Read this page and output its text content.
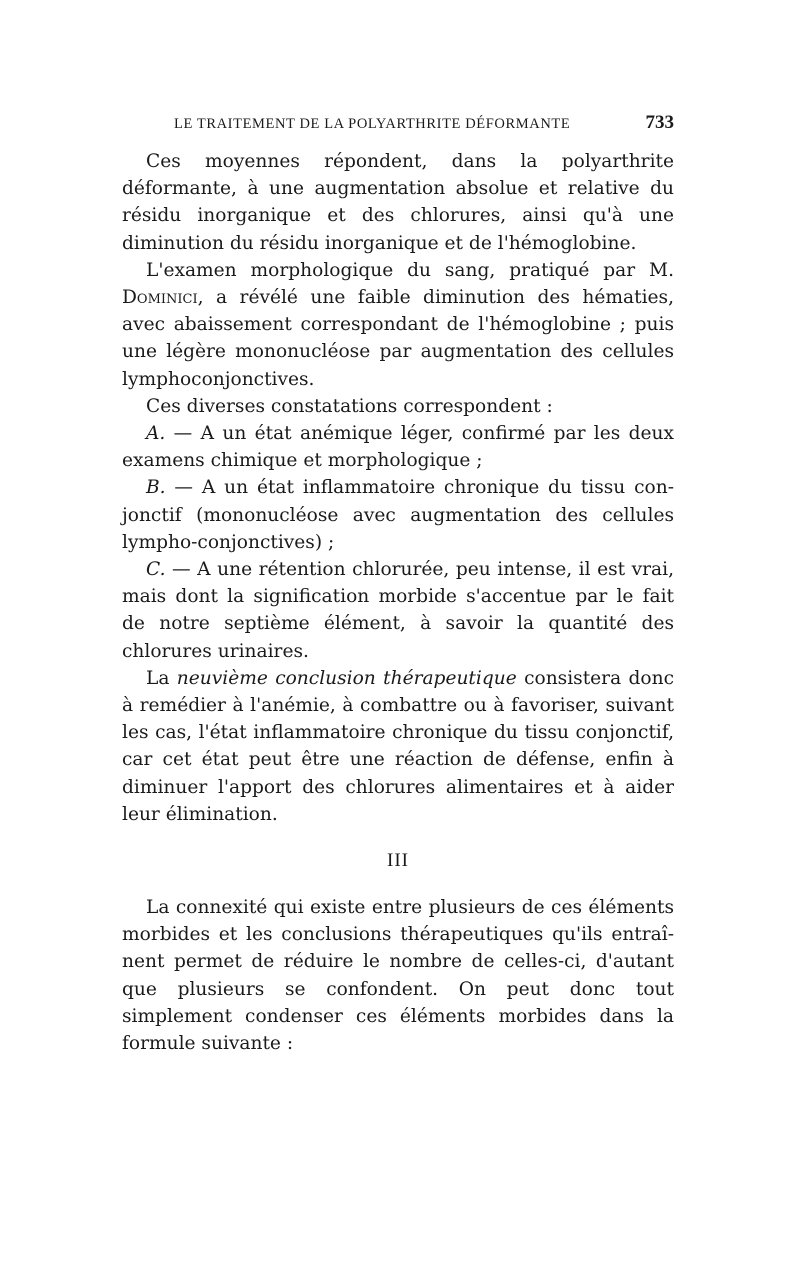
LE TRAITEMENT DE LA POLYARTHRITE DÉFORMANTE	733

Ces moyennes répondent, dans la polyarthrite déformante, à une augmentation absolue et relative du résidu inorganique et des chlorures, ainsi qu'à une diminution du résidu inorganique et de l'hémoglobine.

L'examen morphologique du sang, pratiqué par M. Dominici, a révélé une faible diminution des hématies, avec abaissement correspondant de l'hémoglobine ; puis une légère mononucléose par augmentation des cellules lymphoconjonctives.

Ces diverses constatations correspondent :

A. — A un état anémique léger, confirmé par les deux examens chimique et morphologique ;

B. — A un état inflammatoire chronique du tissu conjonctif (mononucléose avec augmentation des cellules lympho-conjonctives) ;

C. — A une rétention chlorurée, peu intense, il est vrai, mais dont la signification morbide s'accentue par le fait de notre septième élément, à savoir la quantité des chlorures urinaires.

La neuvième conclusion thérapeutique consistera donc à remédier à l'anémie, à combattre ou à favoriser, suivant les cas, l'état inflammatoire chronique du tissu conjonctif, car cet état peut être une réaction de défense, enfin à diminuer l'apport des chlorures alimentaires et à aider leur élimination.

III

La connexité qui existe entre plusieurs de ces éléments morbides et les conclusions thérapeutiques qu'ils entraînent permet de réduire le nombre de celles-ci, d'autant que plusieurs se confondent. On peut donc tout simplement condenser ces éléments morbides dans la formule suivante :
